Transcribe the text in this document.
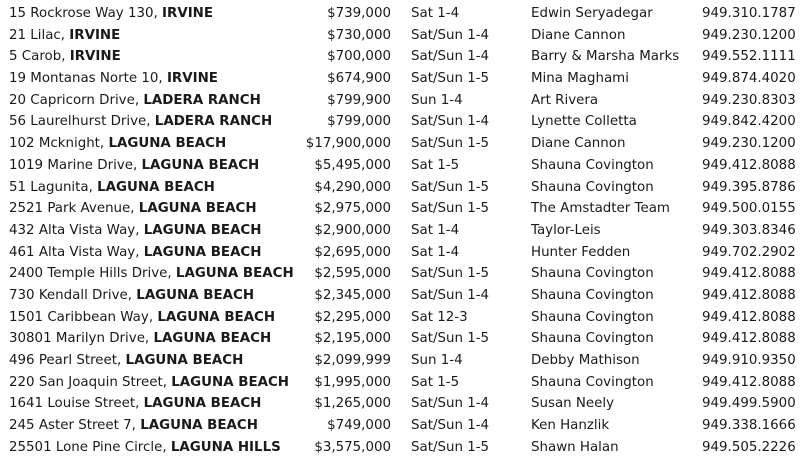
15 Rockrose Way 130, IRVINE	$739,000 Sat 1-4	Edwin Seryadegar	949.310.1787
21 Lilac, IRVINE	$730,000 Sat/Sun 1-4	Diane Cannon	949.230.1200
5 Carob, IRVINE	$700,000 Sat/Sun 1-4	Barry & Marsha Marks 949.552.1111
19 Montanas Norte 10, IRVINE	$674,900 Sat/Sun 1-5	Mina Maghami	949.874.4020
20 Capricorn Drive, LADERA RANCH	$799,900 Sun 1-4	Art Rivera	949.230.8303
56 Laurelhurst Drive, LADERA RANCH	$799,000 Sat/Sun 1-4	Lynette Colletta	949.842.4200
102 Mcknight, LAGUNA BEACH	$17,900,000 Sat/Sun 1-5	Diane Cannon	949.230.1200
1019 Marine Drive, LAGUNA BEACH	$5,495,000 Sat 1-5	Shauna Covington	949.412.8088
51 Lagunita, LAGUNA BEACH	$4,290,000 Sat/Sun 1-5	Shauna Covington	949.395.8786
2521 Park Avenue, LAGUNA BEACH	$2,975,000 Sat/Sun 1-5	The Amstadter Team 949.500.0155
432 Alta Vista Way, LAGUNA BEACH	$2,900,000 Sat 1-4	Taylor-Leis	949.303.8346
461 Alta Vista Way, LAGUNA BEACH	$2,695,000 Sat 1-4	Hunter Fedden	949.702.2902
2400 Temple Hills Drive, LAGUNA BEACH $2,595,000 Sat/Sun 1-5	Shauna Covington	949.412.8088
730 Kendall Drive, LAGUNA BEACH	$2,345,000 Sat/Sun 1-4	Shauna Covington	949.412.8088
1501 Caribbean Way, LAGUNA BEACH	$2,295,000 Sat 12-3	Shauna Covington	949.412.8088
30801 Marilyn Drive, LAGUNA BEACH	$2,195,000 Sat/Sun 1-5	Shauna Covington	949.412.8088
496 Pearl Street, LAGUNA BEACH	$2,099,999 Sun 1-4	Debby Mathison	949.910.9350
220 San Joaquin Street, LAGUNA BEACH $1,995,000 Sat 1-5	Shauna Covington	949.412.8088
1641 Louise Street, LAGUNA BEACH	$1,265,000 Sat/Sun 1-4	Susan Neely	949.499.5900
245 Aster Street 7, LAGUNA BEACH	$749,000 Sat/Sun 1-4	Ken Hanzlik	949.338.1666
25501 Lone Pine Circle, LAGUNA HILLS	$3,575,000 Sat/Sun 1-5	Shawn Halan	949.505.2226
